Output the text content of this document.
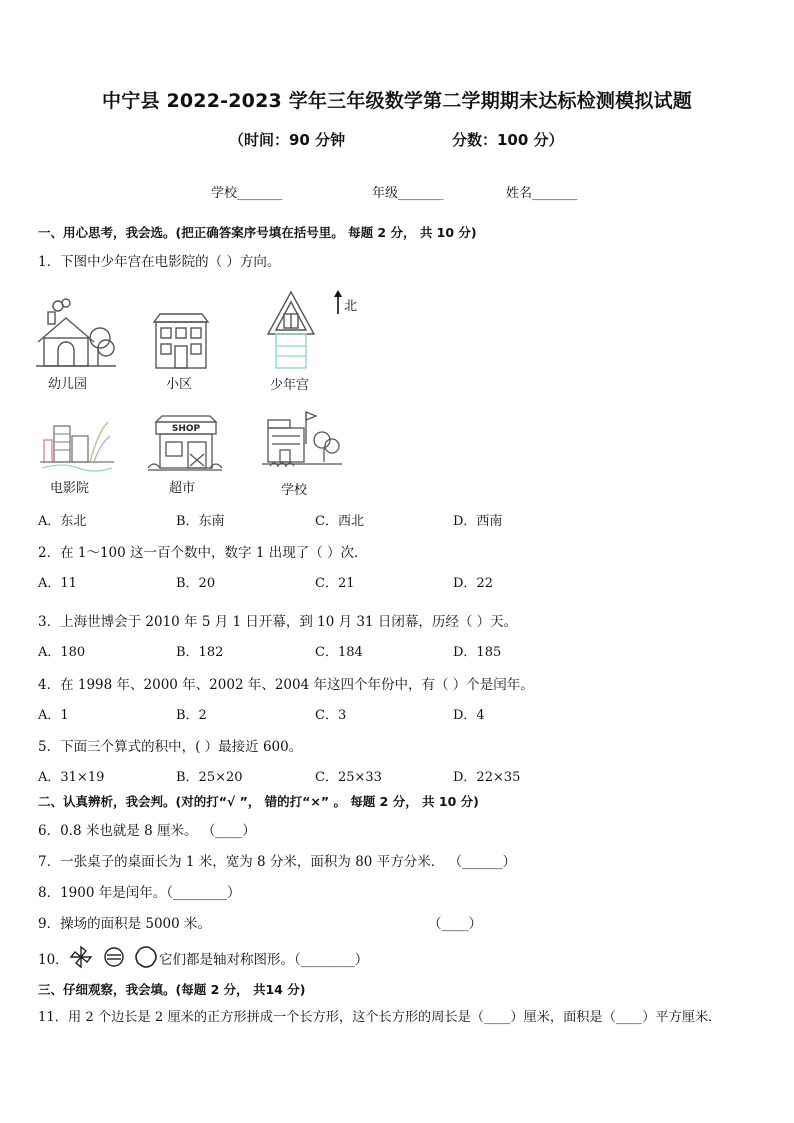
中宁县 2022-2023 学年三年级数学第二学期期末达标检测模拟试题
（时间：90 分钟	分数：100 分）
学校_______	年级_______	姓名_______
一、用心思考，我会选。(把正确答案序号填在括号里。 每题 2 分， 共 10 分)
1．下图中少年宫在电影院的（ ）方向。
北
幼儿园	小区	少年宫
电影院
SHOP
超市	学校
A．东北	B．东南	C．西北	D．西南
2．在 1～100 这一百个数中，数字 1 出现了（ ）次．
A．11	B．20	C．21	D．22
3．上海世博会于 2010 年 5 月 1 日开幕，到 10 月 31 日闭幕，历经（ ）天。
A．180	B．182	C．184	D．185
4．在 1998 年、2000 年、2002 年、2004 年这四个年份中，有（ ）个是闰年。
A．1	B．2	C．3	D．4
5．下面三个算式的积中，( ）最接近 600。
A．31×19	B．25×20	C．25×33	D．22×35
二、认真辨析，我会判。(对的打“√ ”， 错的打“×” 。 每题 2 分， 共 10 分)
6．0.8 米也就是 8 厘米。 （____）
7．一张桌子的桌面长为 1 米，宽为 8 分米，面积为 80 平方分米． （______）
8．1900 年是闰年。（________）
9．操场的面积是 5000 米。	（____）
10．	它们都是轴对称图形。（________）
三、仔细观察，我会填。(每题 2 分， 共14 分)
11．用 2 个边长是 2 厘米的正方形拼成一个长方形，这个长方形的周长是（____）厘米，面积是（____）平方厘米．
